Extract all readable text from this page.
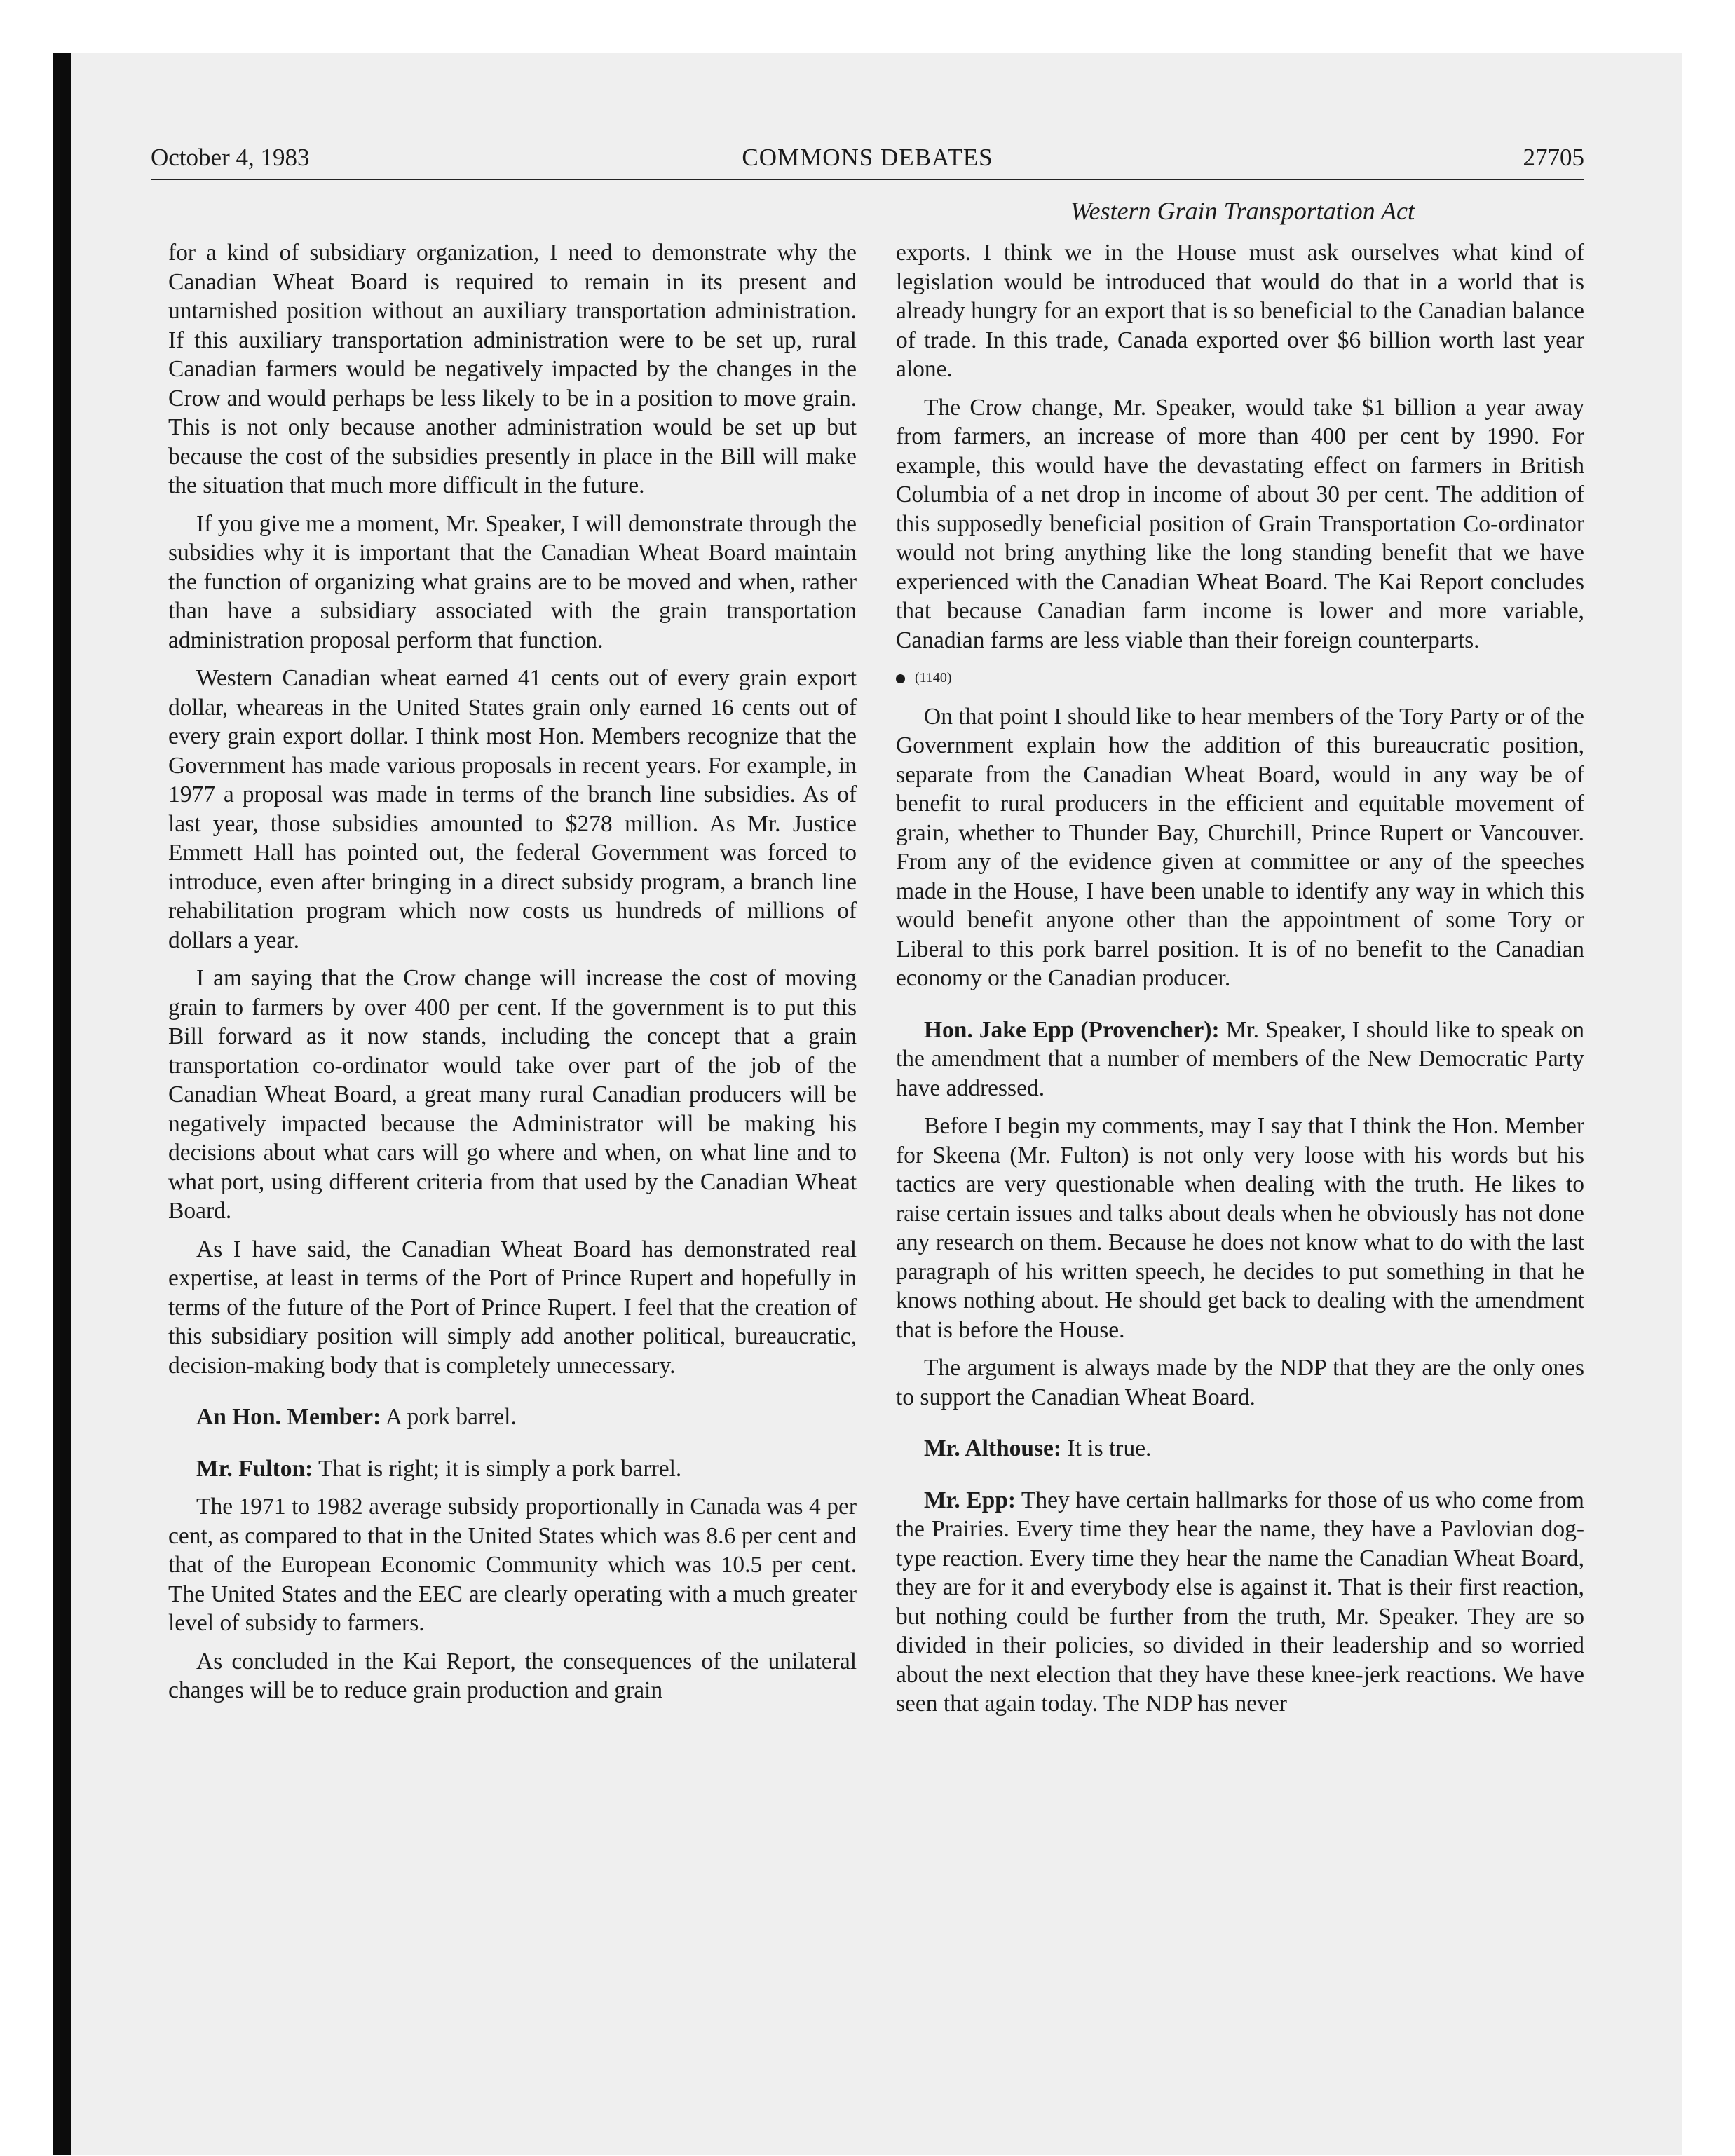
October 4, 1983	COMMONS DEBATES	27705
Western Grain Transportation Act

for a kind of subsidiary organization, I need to demonstrate why the Canadian Wheat Board is required to remain in its present and untarnished position without an auxiliary transportation administration. If this auxiliary transportation administration were to be set up, rural Canadian farmers would be negatively impacted by the changes in the Crow and would perhaps be less likely to be in a position to move grain. This is not only because another administration would be set up but because the cost of the subsidies presently in place in the Bill will make the situation that much more difficult in the future.

If you give me a moment, Mr. Speaker, I will demonstrate through the subsidies why it is important that the Canadian Wheat Board maintain the function of organizing what grains are to be moved and when, rather than have a subsidiary associated with the grain transportation administration proposal perform that function.

Western Canadian wheat earned 41 cents out of every grain export dollar, wheareas in the United States grain only earned 16 cents out of every grain export dollar. I think most Hon. Members recognize that the Government has made various proposals in recent years. For example, in 1977 a proposal was made in terms of the branch line subsidies. As of last year, those subsidies amounted to $278 million. As Mr. Justice Emmett Hall has pointed out, the federal Government was forced to introduce, even after bringing in a direct subsidy program, a branch line rehabilitation program which now costs us hundreds of millions of dollars a year.

I am saying that the Crow change will increase the cost of moving grain to farmers by over 400 per cent. If the government is to put this Bill forward as it now stands, including the concept that a grain transportation co-ordinator would take over part of the job of the Canadian Wheat Board, a great many rural Canadian producers will be negatively impacted because the Administrator will be making his decisions about what cars will go where and when, on what line and to what port, using different criteria from that used by the Canadian Wheat Board.

As I have said, the Canadian Wheat Board has demonstrated real expertise, at least in terms of the Port of Prince Rupert and hopefully in terms of the future of the Port of Prince Rupert. I feel that the creation of this subsidiary position will simply add another political, bureaucratic, decision-making body that is completely unnecessary.

An Hon. Member: A pork barrel.

Mr. Fulton: That is right; it is simply a pork barrel.

The 1971 to 1982 average subsidy proportionally in Canada was 4 per cent, as compared to that in the United States which was 8.6 per cent and that of the European Economic Community which was 10.5 per cent. The United States and the EEC are clearly operating with a much greater level of subsidy to farmers.

As concluded in the Kai Report, the consequences of the unilateral changes will be to reduce grain production and grain

exports. I think we in the House must ask ourselves what kind of legislation would be introduced that would do that in a world that is already hungry for an export that is so beneficial to the Canadian balance of trade. In this trade, Canada exported over $6 billion worth last year alone.

The Crow change, Mr. Speaker, would take $1 billion a year away from farmers, an increase of more than 400 per cent by 1990. For example, this would have the devastating effect on farmers in British Columbia of a net drop in income of about 30 per cent. The addition of this supposedly beneficial position of Grain Transportation Co-ordinator would not bring anything like the long standing benefit that we have experienced with the Canadian Wheat Board. The Kai Report concludes that because Canadian farm income is lower and more variable, Canadian farms are less viable than their foreign counterparts.

(1140)

On that point I should like to hear members of the Tory Party or of the Government explain how the addition of this bureaucratic position, separate from the Canadian Wheat Board, would in any way be of benefit to rural producers in the efficient and equitable movement of grain, whether to Thunder Bay, Churchill, Prince Rupert or Vancouver. From any of the evidence given at committee or any of the speeches made in the House, I have been unable to identify any way in which this would benefit anyone other than the appointment of some Tory or Liberal to this pork barrel position. It is of no benefit to the Canadian economy or the Canadian producer.

Hon. Jake Epp (Provencher): Mr. Speaker, I should like to speak on the amendment that a number of members of the New Democratic Party have addressed.

Before I begin my comments, may I say that I think the Hon. Member for Skeena (Mr. Fulton) is not only very loose with his words but his tactics are very questionable when dealing with the truth. He likes to raise certain issues and talks about deals when he obviously has not done any research on them. Because he does not know what to do with the last paragraph of his written speech, he decides to put something in that he knows nothing about. He should get back to dealing with the amendment that is before the House.

The argument is always made by the NDP that they are the only ones to support the Canadian Wheat Board.

Mr. Althouse: It is true.

Mr. Epp: They have certain hallmarks for those of us who come from the Prairies. Every time they hear the name, they have a Pavlovian dog-type reaction. Every time they hear the name the Canadian Wheat Board, they are for it and everybody else is against it. That is their first reaction, but nothing could be further from the truth, Mr. Speaker. They are so divided in their policies, so divided in their leadership and so worried about the next election that they have these knee-jerk reactions. We have seen that again today. The NDP has never
